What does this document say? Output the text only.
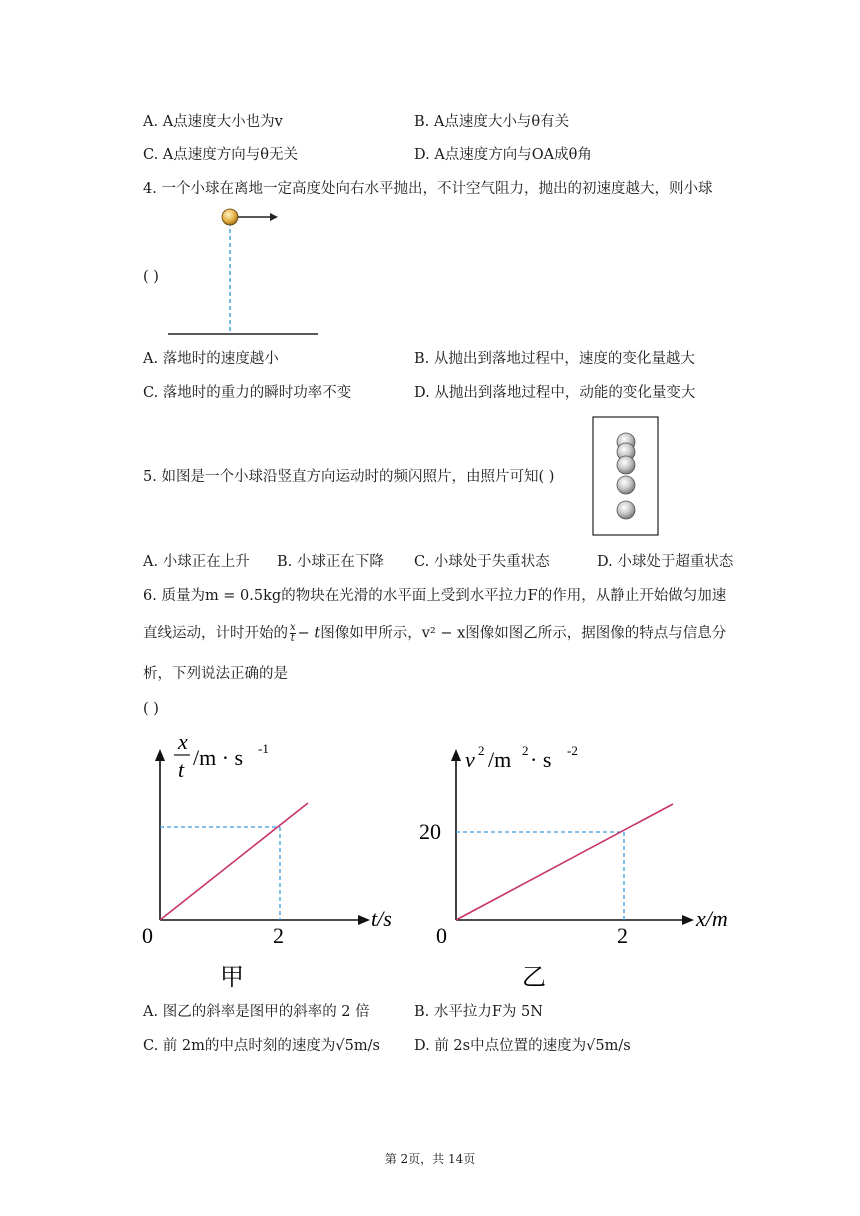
A. A点速度大小也为v	B. A点速度大小与θ有关
C. A点速度方向与θ无关	D. A点速度方向与OA成θ角
4. 一个小球在离地一定高度处向右水平抛出，不计空气阻力，抛出的初速度越大，则小球
( )
A. 落地时的速度越小	B. 从抛出到落地过程中，速度的变化量越大
C. 落地时的重力的瞬时功率不变	D. 从抛出到落地过程中，动能的变化量变大
5. 如图是一个小球沿竖直方向运动时的频闪照片，由照片可知( )
A. 小球正在上升 B. 小球正在下降 C. 小球处于失重状态	D. 小球处于超重状态
6. 质量为m = 0.5kg的物块在光滑的水平面上受到水平拉力F的作用，从静止开始做匀加速
直线运动，计时开始的 $\frac{x}{t} - t$图像如甲所示，v² − x图像如图乙所示，据图像的特点与信息分
析，下列说法正确的是
( )
x
t /m · s -1
t/s
0	2
甲
v 2 /m 2 · s -2
20
x/m
0	2
乙
A. 图乙的斜率是图甲的斜率的 2 倍	B. 水平拉力F为 5N
C. 前 2m的中点时刻的速度为√5m/s D. 前 2s中点位置的速度为√5m/s
第 2页，共 14页
